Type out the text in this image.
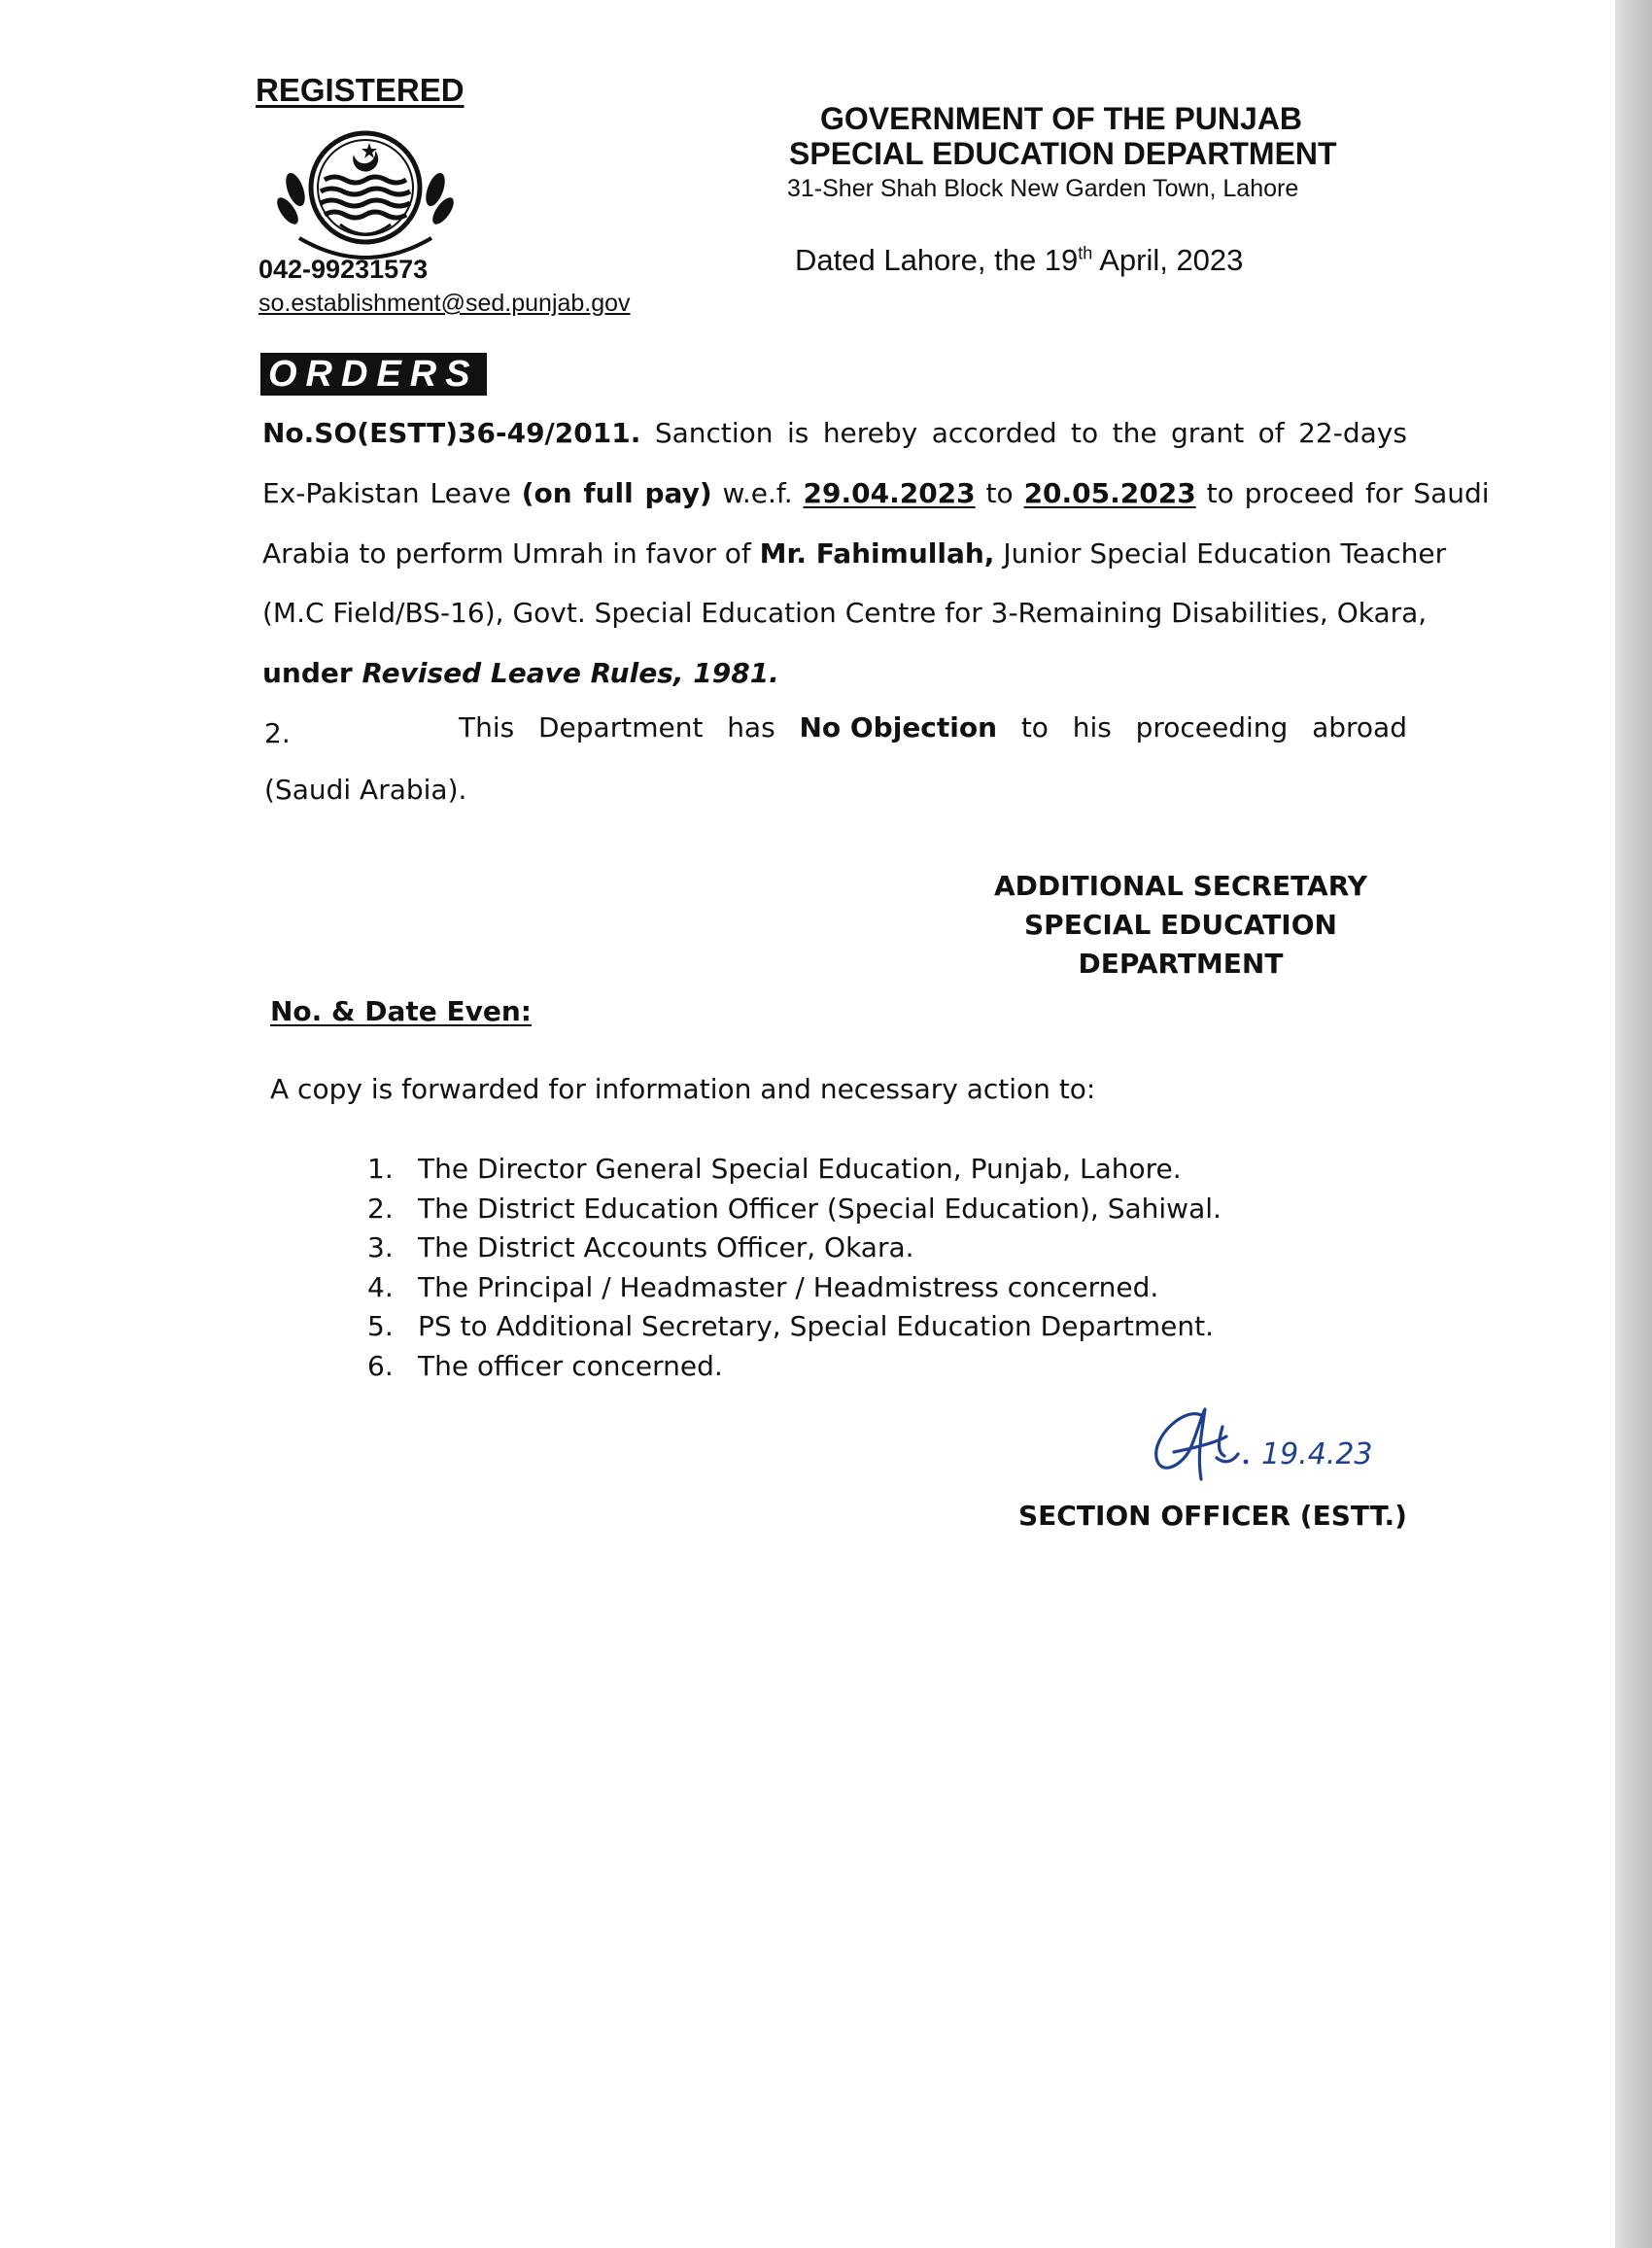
REGISTERED
042-99231573
so.establishment@sed.punjab.gov
GOVERNMENT OF THE PUNJAB
SPECIAL EDUCATION DEPARTMENT
31-Sher Shah Block New Garden Town, Lahore
Dated Lahore, the 19th April, 2023
ORDERS
No.SO(ESTT)36-49/2011. Sanction is hereby accorded to the grant of 22-days
Ex-Pakistan Leave (on full pay) w.e.f. 29.04.2023 to 20.05.2023 to proceed for Saudi
Arabia to perform Umrah in favor of Mr. Fahimullah, Junior Special Education Teacher
(M.C Field/BS-16), Govt. Special Education Centre for 3-Remaining Disabilities, Okara,
under Revised Leave Rules, 1981.
2.	This Department has No Objection to his proceeding abroad
(Saudi Arabia).
ADDITIONAL SECRETARY
SPECIAL EDUCATION
DEPARTMENT
No. & Date Even:
A copy is forwarded for information and necessary action to:
1. The Director General Special Education, Punjab, Lahore.
2. The District Education Officer (Special Education), Sahiwal.
3. The District Accounts Officer, Okara.
4. The Principal / Headmaster / Headmistress concerned.
5. PS to Additional Secretary, Special Education Department.
6. The officer concerned.
19.4.23
SECTION OFFICER (ESTT.)
